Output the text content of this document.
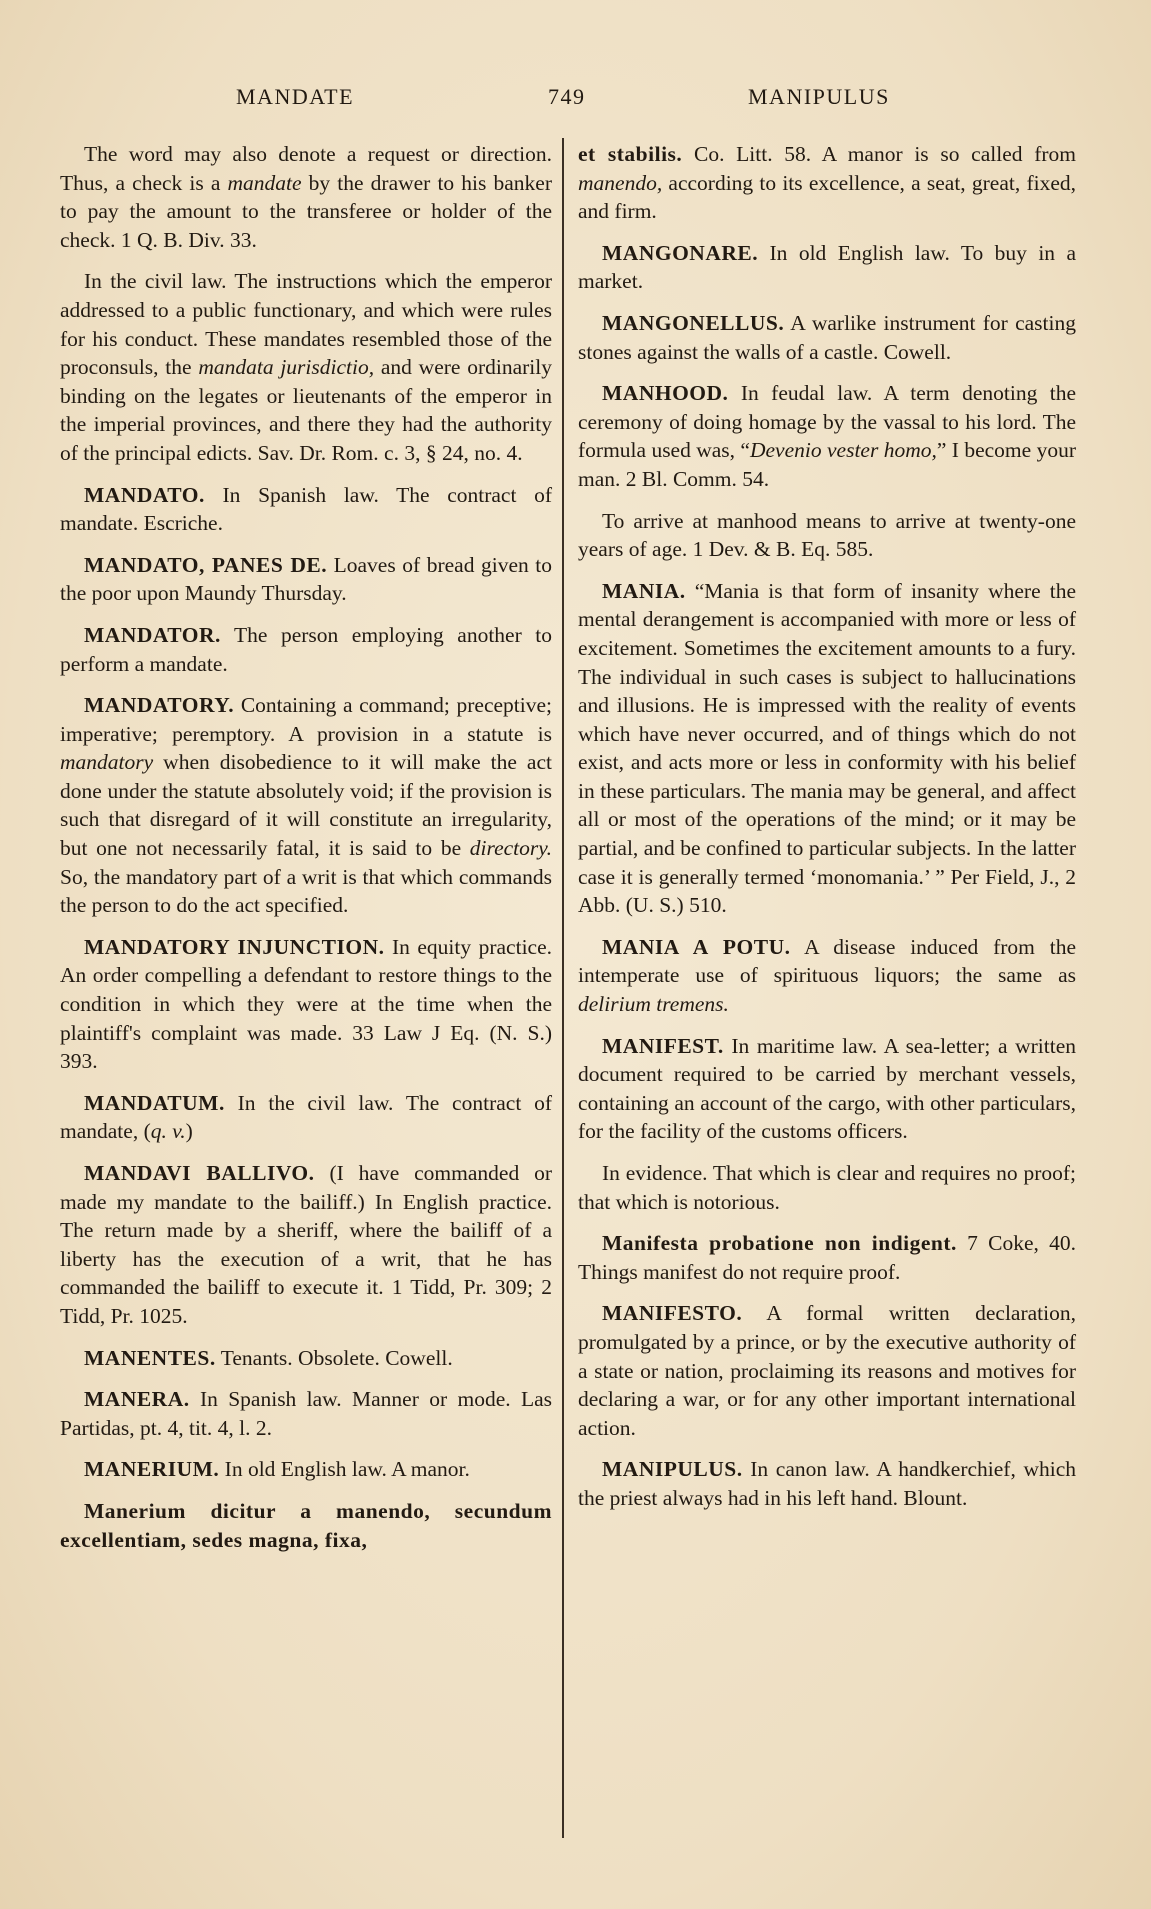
MANDATE	749	MANIPULUS

The word may also denote a request or direction. Thus, a check is a mandate by the drawer to his banker to pay the amount to the transferee or holder of the check. 1 Q. B. Div. 33.

In the civil law. The instructions which the emperor addressed to a public functionary, and which were rules for his conduct. These mandates resembled those of the proconsuls, the mandata jurisdictio, and were ordinarily binding on the legates or lieutenants of the emperor in the imperial provinces, and there they had the authority of the principal edicts. Sav. Dr. Rom. c. 3, § 24, no. 4.

MANDATO. In Spanish law. The contract of mandate. Escriche.

MANDATO, PANES DE. Loaves of bread given to the poor upon Maundy Thursday.

MANDATOR. The person employing another to perform a mandate.

MANDATORY. Containing a command; preceptive; imperative; peremptory. A provision in a statute is mandatory when disobedience to it will make the act done under the statute absolutely void; if the provision is such that disregard of it will constitute an irregularity, but one not necessarily fatal, it is said to be directory. So, the mandatory part of a writ is that which commands the person to do the act specified.

MANDATORY INJUNCTION. In equity practice. An order compelling a defendant to restore things to the condition in which they were at the time when the plaintiff's complaint was made. 33 Law J Eq. (N. S.) 393.

MANDATUM. In the civil law. The contract of mandate, (q. v.)

MANDAVI BALLIVO. (I have commanded or made my mandate to the bailiff.) In English practice. The return made by a sheriff, where the bailiff of a liberty has the execution of a writ, that he has commanded the bailiff to execute it. 1 Tidd, Pr. 309; 2 Tidd, Pr. 1025.

MANENTES. Tenants. Obsolete. Cowell.

MANERA. In Spanish law. Manner or mode. Las Partidas, pt. 4, tit. 4, l. 2.

MANERIUM. In old English law. A manor.

Manerium dicitur a manendo, secundum excellentiam, sedes magna, fixa,

et stabilis. Co. Litt. 58. A manor is so called from manendo, according to its excellence, a seat, great, fixed, and firm.

MANGONARE. In old English law. To buy in a market.

MANGONELLUS. A warlike instrument for casting stones against the walls of a castle. Cowell.

MANHOOD. In feudal law. A term denoting the ceremony of doing homage by the vassal to his lord. The formula used was, “Devenio vester homo,” I become your man. 2 Bl. Comm. 54.

To arrive at manhood means to arrive at twenty-one years of age. 1 Dev. & B. Eq. 585.

MANIA. “Mania is that form of insanity where the mental derangement is accompanied with more or less of excitement. Sometimes the excitement amounts to a fury. The individual in such cases is subject to hallucinations and illusions. He is impressed with the reality of events which have never occurred, and of things which do not exist, and acts more or less in conformity with his belief in these particulars. The mania may be general, and affect all or most of the operations of the mind; or it may be partial, and be confined to particular subjects. In the latter case it is generally termed ‘monomania.’ ” Per Field, J., 2 Abb. (U. S.) 510.

MANIA A POTU. A disease induced from the intemperate use of spirituous liquors; the same as delirium tremens.

MANIFEST. In maritime law. A sea-letter; a written document required to be carried by merchant vessels, containing an account of the cargo, with other particulars, for the facility of the customs officers.

In evidence. That which is clear and requires no proof; that which is notorious.

Manifesta probatione non indigent. 7 Coke, 40. Things manifest do not require proof.

MANIFESTO. A formal written declaration, promulgated by a prince, or by the executive authority of a state or nation, proclaiming its reasons and motives for declaring a war, or for any other important international action.

MANIPULUS. In canon law. A handkerchief, which the priest always had in his left hand. Blount.
